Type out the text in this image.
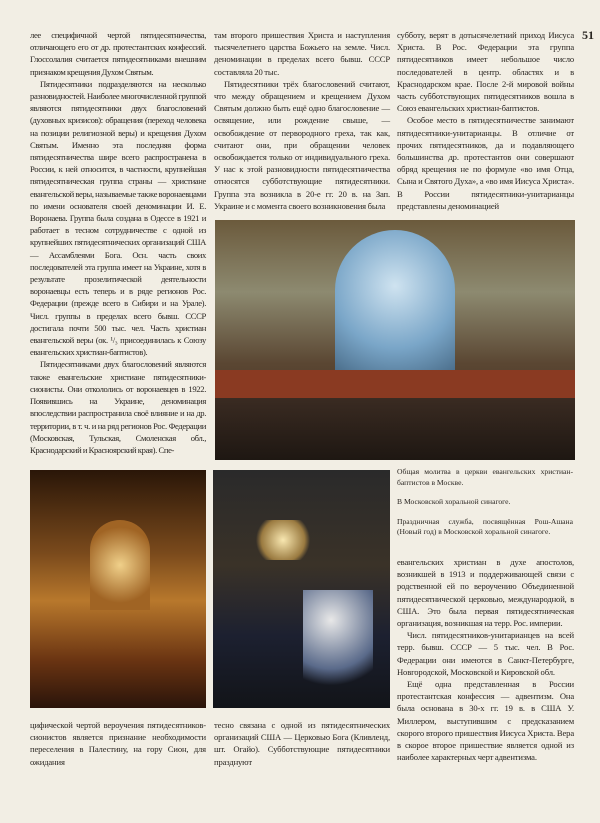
51

лее специфичной чертой пятидесятничества, отличающего его от др. протестантских конфессий. Глоссолалия считается пятидесятниками внешним признаком крещения Духом Святым.

Пятидесятники подразделяются на несколько разновидностей. Наиболее многочисленной группой являются пятидесятники двух благословений (духовных кризисов): обращения (переход человека на позиции религиозной веры) и крещения Духом Святым. Именно эта последняя форма пятидесятничества шире всего распространена в России, к ней относится, в частности, крупнейшая пятидесятническая группа страны — христиане евангельской веры, называемые также воронаевцами по имени основателя своей деноминации И. Е. Воронаева. Группа была создана в Одессе в 1921 и работает в тесном сотрудничестве с одной из крупнейших пятидесятнических организаций США — Ассамблеями Бога. Осн. часть своих последователей эта группа имеет на Украине, хотя в результате прозелитической деятельности воронаевцы есть теперь и в ряде регионов Рос. Федерации (прежде всего в Сибири и на Урале). Числ. группы в пределах всего бывш. СССР достигала почти 500 тыс. чел. Часть христиан евангельской веры (ок. ¹/₃ присоединилась к Союзу евангельских христиан-баптистов).

Пятидесятниками двух благословений являются также евангельские христиане пятидесятники-сионисты. Они откололись от воронаевцев в 1922. Появившись на Украине, деноминация впоследствии распространила своё влияние и на др. территории, в т. ч. и на ряд регионов Рос. Федерации (Московская, Тульская, Смоленская обл., Краснодарский и Красноярский края). Спе-

там второго пришествия Христа и наступления тысячелетнего царства Божьего на земле. Числ. деноминации в пределах всего бывш. СССР составляла 20 тыс.

Пятидесятники трёх благословений считают, что между обращением и крещением Духом Святым должно быть ещё одно благословение — освящение, или рождение свыше, — освобождение от первородного греха, так как, считают они, при обращении человек освобождается только от индивидуального греха. У нас к этой разновидности пятидесятничества относятся субботствующие пятидесятники. Группа эта возникла в 20-е гг. 20 в. на Зап. Украине и с момента своего возникновения была

субботу, верят в дотысячелетний приход Иисуса Христа. В Рос. Федерации эта группа пятидесятников имеет небольшое число последователей в центр. областях и в Краснодарском крае. После 2-й мировой войны часть субботствующих пятидесятников вошла в Союз евангельских христиан-баптистов.

Особое место в пятидесятничестве занимают пятидесятники-унитарианцы. В отличие от прочих пятидесятников, да и подавляющего большинства др. протестантов они совершают обряд крещения не по формуле «во имя Отца, Сына и Святого Духа», а «во имя Иисуса Христа». В России пятидесятники-унитарианцы представлены деноминацией

Общая молитва в церкви евангельских христиан-баптистов в Москве.

В Московской хоральной синагоге.

Праздничная служба, посвящённая Рош-Ашана (Новый год) в Московской хоральной синагоге.

евангельских христиан в духе апостолов, возникшей в 1913 и поддерживающей связи с родственной ей по вероучению Объединенной пятидесятнической церковью, международной, в США. Это была первая пятидесятническая организация, возникшая на терр. Рос. империи.

Числ. пятидесятников-унитарианцев на всей терр. бывш. СССР — 5 тыс. чел. В Рос. Федерации они имеются в Санкт-Петербурге, Новгородской, Московской и Кировской обл.

Ещё одна представленная в России протестантская конфессия — адвентизм. Она была основана в 30-х гг. 19 в. в США У. Миллером, выступившим с предсказанием скорого второго пришествия Иисуса Христа. Вера в скорое второе пришествие является одной из наиболее характерных черт адвентизма.

цифической чертой вероучения пятидесятников-сионистов является признание необходимости переселения в Палестину, на гору Сион, для ожидания

тесно связана с одной из пятидесятнических организаций США — Церковью Бога (Кливленд, шт. Огайо). Субботствующие пятидесятники празднуют
